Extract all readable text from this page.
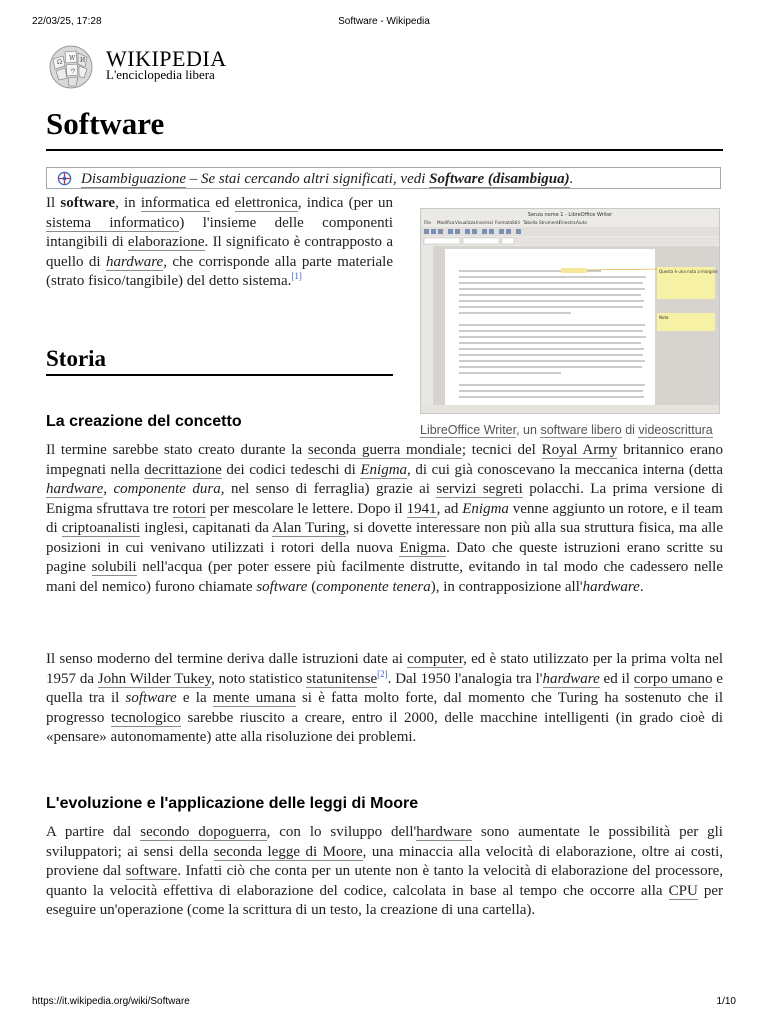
22/03/25, 17:28	Software - Wikipedia
Ω
W И
ウ
WIKIPEDIA
L'enciclopedia libera
Software
Disambiguazione – Se stai cercando altri significati, vedi Software (disambigua).

Il software, in informatica ed elettronica, indica (per un sistema informatico) l'insieme delle componenti intangibili di elaborazione. Il significato è contrapposto a quello di hardware, che corrisponde alla parte materiale (strato fisico/tangibile) del detto sistema.[1]

Storia
Senza nome 1 - LibreOffice Writer
File Modifica Visualizza Inserisci Formato Stili Tabella Strumenti Finestra Aiuto
Questa è una nota a margine
Nota
LibreOffice Writer, un software libero di videoscrittura
La creazione del concetto

Il termine sarebbe stato creato durante la seconda guerra mondiale; tecnici del Royal Army britannico erano impegnati nella decrittazione dei codici tedeschi di Enigma, di cui già conoscevano la meccanica interna (detta hardware, componente dura, nel senso di ferraglia) grazie ai servizi segreti polacchi. La prima versione di Enigma sfruttava tre rotori per mescolare le lettere. Dopo il 1941, ad Enigma venne aggiunto un rotore, e il team di criptoanalisti inglesi, capitanati da Alan Turing, si dovette interessare non più alla sua struttura fisica, ma alle posizioni in cui venivano utilizzati i rotori della nuova Enigma. Dato che queste istruzioni erano scritte su pagine solubili nell'acqua (per poter essere più facilmente distrutte, evitando in tal modo che cadessero nelle mani del nemico) furono chiamate software (componente tenera), in contrapposizione all'hardware.

Il senso moderno del termine deriva dalle istruzioni date ai computer, ed è stato utilizzato per la prima volta nel 1957 da John Wilder Tukey, noto statistico statunitense[2]. Dal 1950 l'analogia tra l'hardware ed il corpo umano e quella tra il software e la mente umana si è fatta molto forte, dal momento che Turing ha sostenuto che il progresso tecnologico sarebbe riuscito a creare, entro il 2000, delle macchine intelligenti (in grado cioè di «pensare» autonomamente) atte alla risoluzione dei problemi.

L'evoluzione e l'applicazione delle leggi di Moore

A partire dal secondo dopoguerra, con lo sviluppo dell'hardware sono aumentate le possibilità per gli sviluppatori; ai sensi della seconda legge di Moore, una minaccia alla velocità di elaborazione, oltre ai costi, proviene dal software. Infatti ciò che conta per un utente non è tanto la velocità di elaborazione del processore, quanto la velocità effettiva di elaborazione del codice, calcolata in base al tempo che occorre alla CPU per eseguire un'operazione (come la scrittura di un testo, la creazione di una cartella).

https://it.wikipedia.org/wiki/Software	1/10
